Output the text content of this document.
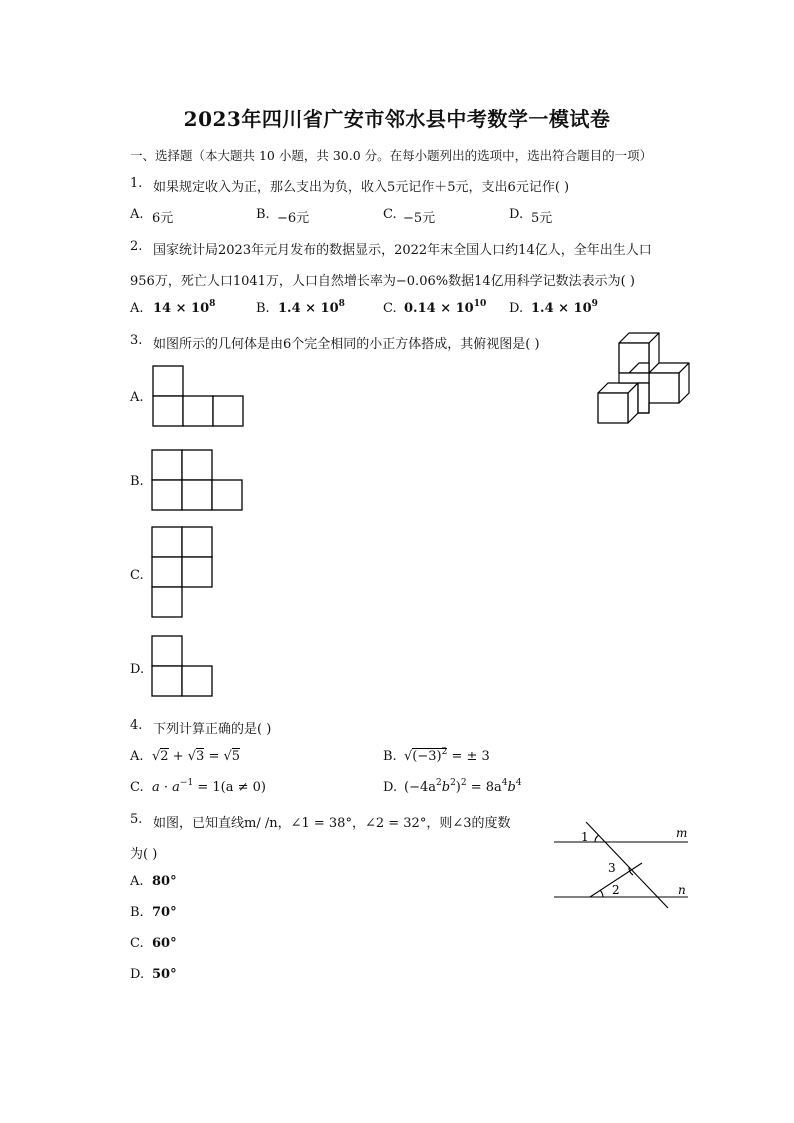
2023年四川省广安市邻水县中考数学一模试卷
一、选择题（本大题共 10 小题，共 30.0 分。在每小题列出的选项中，选出符合题目的一项）
1. 如果规定收入为正，那么支出为负，收入5元记作＋5元，支出6元记作( )
A. 6元	B. −6元	C. −5元	D. 5元
2. 国家统计局2023年元月发布的数据显示，2022年末全国人口约14亿人，全年出生人口
956万，死亡人口1041万，人口自然增长率为−0.06%数据14亿用科学记数法表示为( )
A. $14 \times 10^8$	B. $1.4 \times 10^8$	C. $0.14 \times 10^{10}$ D. $1.4 \times 10^9$
3. 如图所示的几何体是由6个完全相同的小正方体搭成，其俯视图是( )
A.
B.
C.
D.
4. 下列计算正确的是( )
A. √2 + √3 = √5	B. $√(-3)^2$ = ± 3
C. $a \cdot a^{-1} = 1(a \ne 0)$	D. $(-4a^2b^2)^2 = 8a^4b^4$
5. 如图，已知直线m/ /n，∠1 = 38°，∠2 = 32°，则∠3的度数
为( )
1
3
2
m
n
A. 80°
B. 70°
C. 60°
D. 50°
